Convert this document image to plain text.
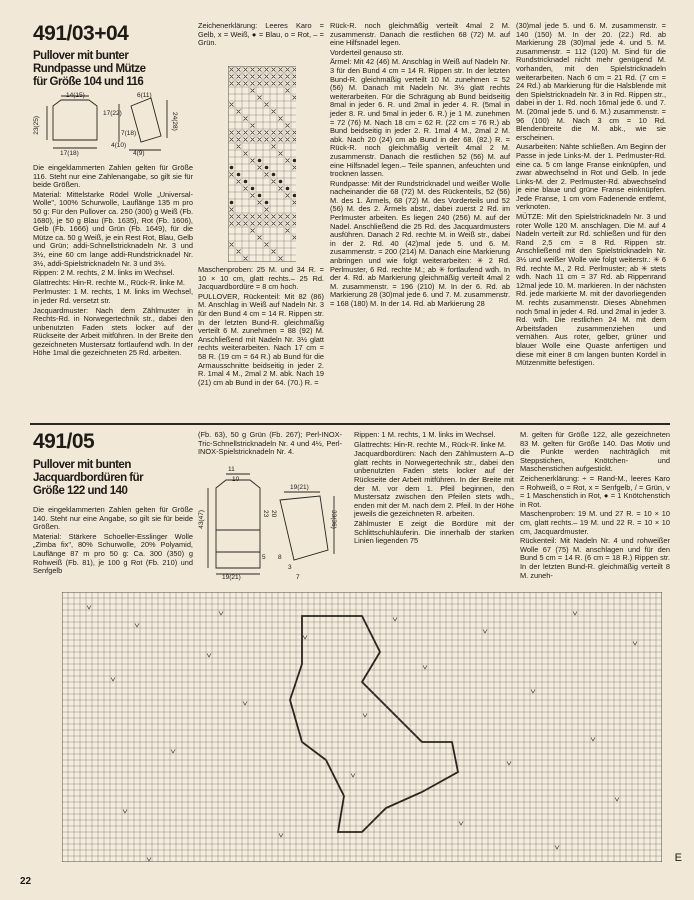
491/03+04
Pullover mit bunter
Rundpasse und Mütze
für Größe 104 und 116
14(15)	6(11)
17(22)
23(25)
17(18)	4(9)
24(28)
7(18)
4(10)

Die eingeklammerten Zahlen gelten für Größe 116. Steht nur eine Zahlenangabe, so gilt sie für beide Größen.

Material: Mittelstarke Rödel Wolle „Universal-Wolle", 100% Schurwolle, Lauflänge 135 m pro 50 g: Für den Pullover ca. 250 (300) g Weiß (Fb. 1680), je 50 g Blau (Fb. 1635), Rot (Fb. 1606), Gelb (Fb. 1666) und Grün (Fb. 1649), für die Mütze ca. 50 g Weiß, je ein Rest Rot, Blau, Gelb und Grün; addi-Schnellstricknadeln Nr. 3 und 3½, eine 60 cm lange addi-Rundstricknadel Nr. 3½, addi-Spielstricknadeln Nr. 3 und 3½.

Rippen: 2 M. rechts, 2 M. links im Wechsel.

Glattrechts: Hin-R. rechte M., Rück-R. linke M.

Perlmuster: 1 M. rechts, 1 M. links im Wechsel, in jeder Rd. versetzt str.

Jacquardmuster: Nach dem Zählmuster in Rechts-Rd. in Norwegertechnik str., dabei den unbenutzten Faden stets locker auf der Rückseite der Arbeit mitführen. In der Breite den gezeichneten Mustersatz fortlaufend wdh. In der Höhe 1mal die gezeichneten 25 Rd. arbeiten.

Zeichenerklärung: Leeres Karo = Gelb, x = Weiß, ● = Blau, o = Rot, – = Grün.

Maschenproben: 25 M. und 34 R. = 10 × 10 cm, glatt rechts.– 25 Rd. Jacquardbordüre = 8 cm hoch.

PULLOVER, Rückenteil: Mit 82 (86) M. Anschlag in Weiß auf Nadeln Nr. 3 für den Bund 4 cm = 14 R. Rippen str. In der letzten Bund-R. gleichmäßig verteilt 6 M. zunehmen = 88 (92) M. Anschließend mit Nadeln Nr. 3½ glatt rechts weiterarbeiten. Nach 17 cm = 58 R. (19 cm = 64 R.) ab Bund für die Armausschnitte beidseitig in jeder 2. R. 1mal 4 M., 2mal 2 M. abk. Nach 19 (21) cm ab Bund in der 64. (70.) R. =

Rück-R. noch gleichmäßig verteilt 4mal 2 M. zusammenstr. Danach die restlichen 68 (72) M. auf eine Hilfsnadel legen.

Vorderteil genauso str.

Ärmel: Mit 42 (46) M. Anschlag in Weiß auf Nadeln Nr. 3 für den Bund 4 cm = 14 R. Rippen str. In der letzten Bund-R. gleichmäßig verteilt 10 M. zunehmen = 52 (56) M. Danach mit Nadeln Nr. 3½ glatt rechts weiterarbeiten. Für die Schrägung ab Bund beidseitig 8mal in jeder 6. R. und 2mal in jeder 4. R. (5mal in jeder 8. R. und 5mal in jeder 6. R.) je 1 M. zunehmen = 72 (76) M. Nach 18 cm = 62 R. (22 cm = 76 R.) ab Bund beidseitig in jeder 2. R. 1mal 4 M., 2mal 2 M. abk. Nach 20 (24) cm ab Bund in der 68. (82.) R. = Rück-R. noch gleichmäßig verteilt 4mal 2 M. zusammenstr. Danach die restlichen 52 (56) M. auf eine Hilfsnadel legen.– Teile spannen, anfeuchten und trocknen lassen.

Rundpasse: Mit der Rundstricknadel und weißer Wolle nacheinander die 68 (72) M. des Rückenteils, 52 (56) M. des 1. Ärmels, 68 (72) M. des Vorderteils und 52 (56) M. des 2. Ärmels abstr., dabei zuerst 2 Rd. im Perlmuster arbeiten. Es liegen 240 (256) M. auf der Nadel. Anschließend die 25 Rd. des Jacquardmusters ausführen. Danach 2 Rd. rechte M. in Weiß str., dabei in der 2. Rd. 40 (42)mal jede 5. und 6. M. zusammenstr. = 200 (214) M. Danach eine Markierung anbringen und wie folgt weiterarbeiten: ✳ 2 Rd. Perlmuster, 6 Rd. rechte M.; ab ✳ fortlaufend wdh. In der 4. Rd. ab Markierung gleichmäßig verteilt 4mal 2 M. zusammenstr. = 196 (210) M. In der 6. Rd. ab Markierung 28 (30)mal jede 6. und 7. M. zusammenstr. = 168 (180) M. In der 14. Rd. ab Markierung 28

(30)mal jede 5. und 6. M. zusammenstr. = 140 (150) M. In der 20. (22.) Rd. ab Markierung 28 (30)mal jede 4. und 5. M. zusammenstr. = 112 (120) M. Sind für die Rundstricknadel nicht mehr genügend M. vorhanden, mit den Spielstricknadeln weiterarbeiten. Nach 6 cm = 21 Rd. (7 cm = 24 Rd.) ab Markierung für die Halsblende mit den Spielstricknadeln Nr. 3 in Rd. Rippen str., dabei in der 1. Rd. noch 16mal jede 6. und 7. M. (20mal jede 5. und 6. M.) zusammenstr. = 96 (100) M. Nach 3 cm = 10 Rd. Blendenbreite die M. abk., wie sie erscheinen.

Ausarbeiten: Nähte schließen. Am Beginn der Passe in jede Links-M. der 1. Perlmuster-Rd. eine ca. 5 cm lange Franse einknüpfen, und zwar abwechselnd in Rot und Gelb. In jede Links-M. der 2. Perlmuster-Rd. abwechselnd je eine blaue und grüne Franse einknüpfen. Jede Franse, 1 cm vom Fadenende entfernt, verknoten.

MÜTZE: Mit den Spielstricknadeln Nr. 3 und roter Wolle 120 M. anschlagen. Die M. auf 4 Nadeln verteilt zur Rd. schließen und für den Rand 2,5 cm = 8 Rd. Rippen str. Anschließend mit den Spielstricknadeln Nr. 3½ und weißer Wolle wie folgt weiterstr.: ✳ 6 Rd. rechte M., 2 Rd. Perlmuster; ab ✳ stets wdh. Nach 11 cm = 37 Rd. ab Rippenrand 12mal jede 10. M. markieren. In der nächsten Rd. jede markierte M. mit der davorliegenden M. rechts zusammenstr. Dieses Abnehmen noch 5mal in jeder 4. Rd. und 2mal in jeder 3. Rd. wdh. Die restlichen 24 M. mit dem Arbeitsfaden zusammenziehen und vernähen. Aus roter, gelber, grüner und blauer Wolle eine Quaste anfertigen und diese mit einer 8 cm langen bunten Kordel in Mützenmitte befestigen.

491/05
Pullover mit bunten
Jacquardbordüren für
Größe 122 und 140

Die eingeklammerten Zahlen gelten für Größe 140. Steht nur eine Angabe, so gilt sie für beide Größen.

Material: Stärkere Schoeller-Esslinger Wolle „Zimba fix", 80% Schurwolle, 20% Polyamid, Lauflänge 87 m pro 50 g: Ca. 300 (350) g Rohweiß (Fb. 81), je 100 g Rot (Fb. 210) und Senfgelb

(Fb. 63), 50 g Grün (Fb. 267); Perl-INOX-Tric-Schnellstricknadeln Nr. 4 und 4½, Perl-INOX-Spielstricknadeln Nr. 4.

11
10
19(21)
43(47)	23 20
5
19(21)
33(36)
8
3
7

Rippen: 1 M. rechts, 1 M. links im Wechsel.

Glattrechts: Hin-R. rechte M., Rück-R. linke M.

Jacquardbordüren: Nach den Zählmustern A–D glatt rechts in Norwegertechnik str., dabei den unbenutzten Faden stets locker auf der Rückseite der Arbeit mitführen. In der Breite mit der M. vor dem 1. Pfeil beginnen, den Mustersatz zwischen den Pfeilen stets wdh., enden mit der M. nach dem 2. Pfeil. In der Höhe jeweils die gezeichneten R. arbeiten.

Zählmuster E zeigt die Bordüre mit der Schlittschuhläuferin. Die innerhalb der starken Linien liegenden 75

M. gelten für Größe 122, alle gezeichneten 83 M. gelten für Größe 140. Das Motiv und die Punkte werden nachträglich mit Steppstichen, Knötchen- und Maschenstichen aufgestickt.

Zeichenerklärung: ÷ = Rand-M., leeres Karo = Rohweiß, o = Rot, x = Senfgelb, / = Grün, v = 1 Maschenstich in Rot, ● = 1 Knötchenstich in Rot.

Maschenproben: 19 M. und 27 R. = 10 × 10 cm, glatt rechts.– 19 M. und 22 R. = 10 × 10 cm, Jacquardmuster.

Rückenteil: Mit Nadeln Nr. 4 und rohweißer Wolle 67 (75) M. anschlagen und für den Bund 5 cm = 14 R. (6 cm = 18 R.) Rippen str. In der letzten Bund-R. gleichmäßig verteilt 8 M. zuneh-

E
22
